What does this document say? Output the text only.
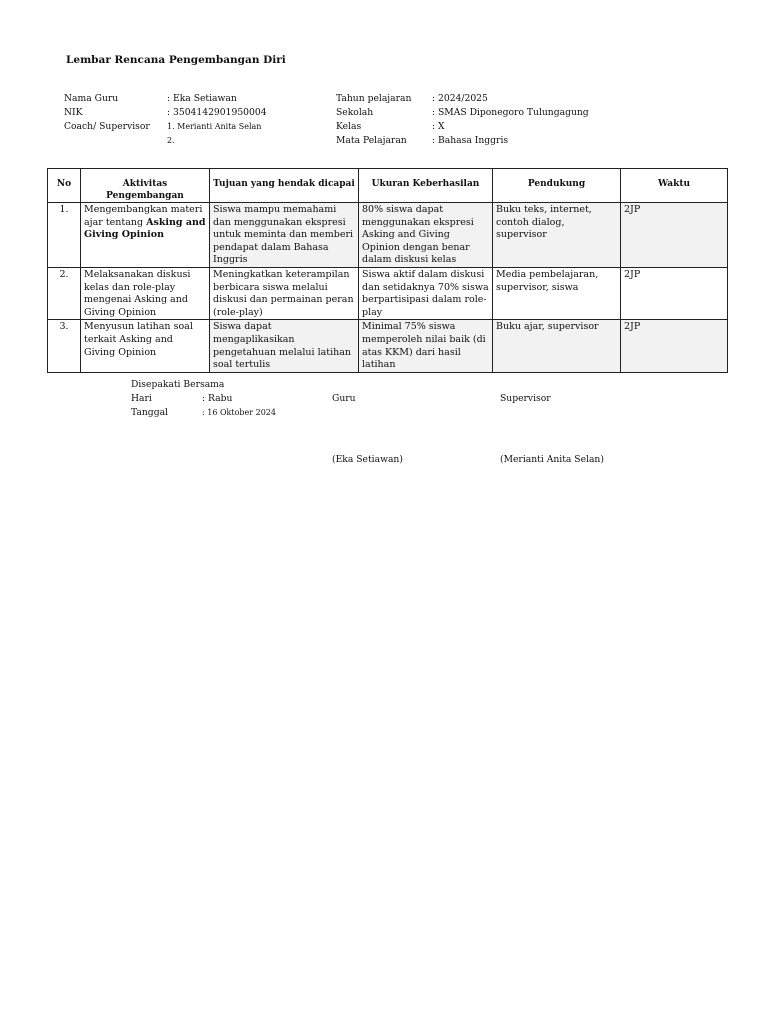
Lembar Rencana Pengembangan Diri
Nama Guru	: Eka Setiawan
NIK	: 3504142901950004
Coach/ Supervisor 1. Merianti Anita Selan
2.
Tahun pelajaran : 2024/2025
Sekolah	: SMAS Diponegoro Tulungagung
Kelas	: X
Mata Pelajaran	: Bahasa Inggris
No	Aktivitas Pengembangan	Tujuan yang hendak dicapai	Ukuran Keberhasilan	Pendukung	Waktu
1.	Mengembangkan materi ajar tentang Asking and Giving Opinion	Siswa mampu memahami dan menggunakan ekspresi untuk meminta dan memberi pendapat dalam Bahasa Inggris	80% siswa dapat menggunakan ekspresi Asking and Giving Opinion dengan benar dalam diskusi kelas	Buku teks, internet, contoh dialog, supervisor	2JP
2.	Melaksanakan diskusi kelas dan role-play mengenai Asking and Giving Opinion	Meningkatkan keterampilan berbicara siswa melalui diskusi dan permainan peran (role-play)	Siswa aktif dalam diskusi dan setidaknya 70% siswa berpartisipasi dalam role-play	Media pembelajaran, supervisor, siswa	2JP
3.	Menyusun latihan soal terkait Asking and Giving Opinion	Siswa dapat mengaplikasikan pengetahuan melalui latihan soal tertulis	Minimal 75% siswa memperoleh nilai baik (di atas KKM) dari hasil latihan	Buku ajar, supervisor	2JP
Disepakati Bersama
Hari	: Rabu
Tanggal	: 16 Oktober 2024
Guru	Supervisor
(Eka Setiawan)	(Merianti Anita Selan)
